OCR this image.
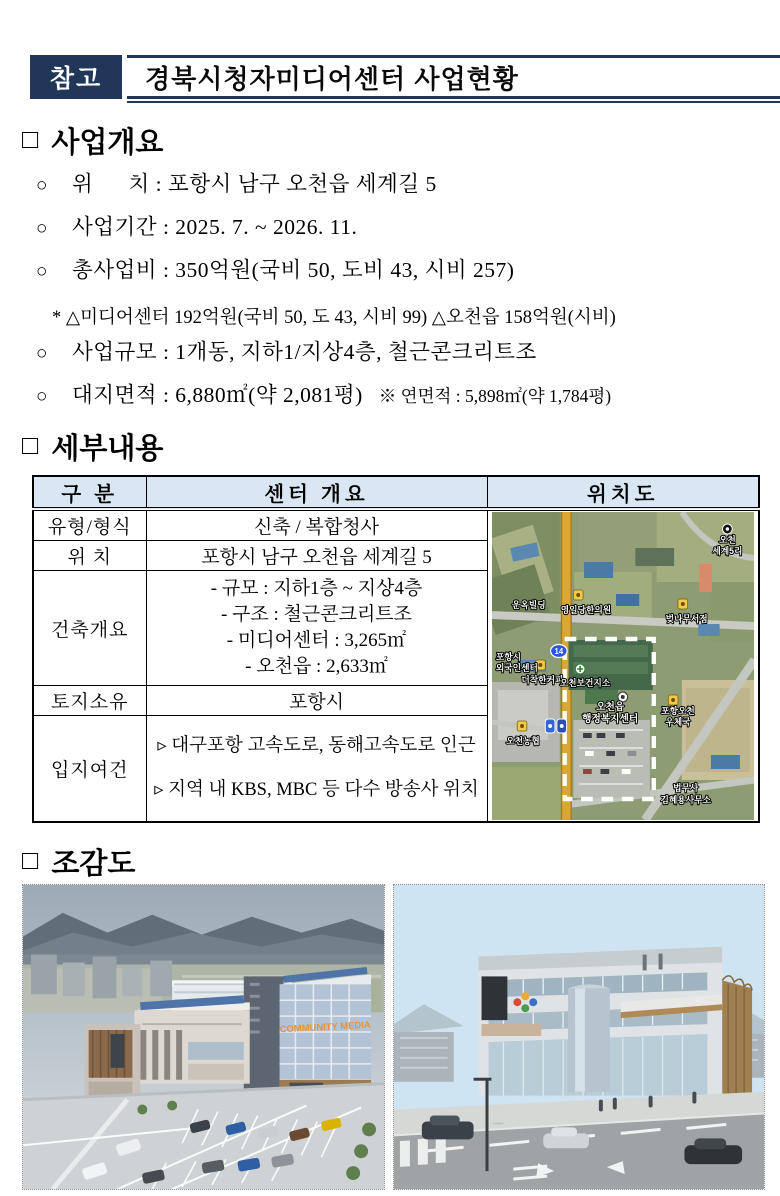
참고	경북시청자미디어센터 사업현황
□ 사업개요
○	위      치 : 포항시 남구 오천읍 세계길 5
○	사업기간 : 2025. 7. ~ 2026. 11.
○	총사업비 : 350억원(국비 50, 도비 43, 시비 257)
* △미디어센터 192억원(국비 50, 도 43, 시비 99) △오천읍 158억원(시비)
○	사업규모 : 1개동, 지하1/지상4층, 철근콘크리트조
○	대지면적 : 6,880㎡(약 2,081평) ※ 연면적 : 5,898㎡(약 1,784평)
□ 세부내용
구 분	센터 개요	위치도
유형/형식	신축 / 복합청사	
14
운옥빌딩 영일당한의원
벚나무서점
포항시
외국인센터
더착한커피
오천보건지소
오천읍
행정복지센터
포항오천
우체국
오천농협
법무사
김혜용사무소
오천
세계5리

위 치	포항시 남구 오천읍 세계길 5	
건축개요	- 규모 : 지하1층 ~ 지상4층
- 구조 : 철근콘크리트조
- 미디어센터 : 3,265㎡
- 오천읍 : 2,633㎡	

토지소유	포항시	
입지여건	▹ 대구포항 고속도로, 동해고속도로 인근
▹ 지역 내 KBS, MBC 등 다수 방송사 위치	
□ 조감도
COMMUNITY MEDIA
